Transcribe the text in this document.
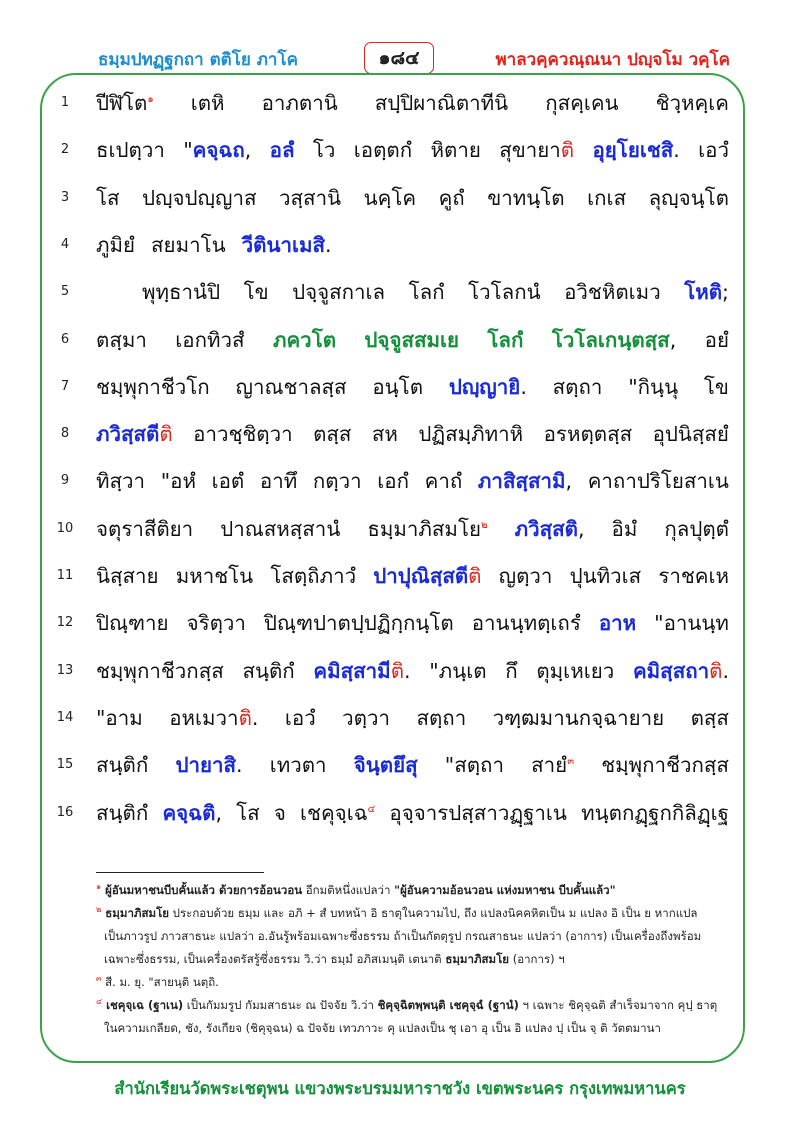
ธมฺมปทฏฺฐกถา ตติโย ภาโค	๑๘๔	พาลวคฺควณฺณนา ปญฺจโม วคฺโค
1	ปีฬิโต$^๑$ เตหิ อาภตานิ สปฺปิผาณิตาทีนิ กุสคฺเคน ชิวฺหคฺเค
2	ธเปตฺวา "คจฺฉถ, อลํ โว เอตฺตกํ หิตาย สุขายาติ อุยฺโยเชสิ. เอวํ
3	โส ปญฺจปญฺญาส วสฺสานิ นคฺโค คูถํ ขาทนฺโต เกเส ลุญฺจนฺโต
4	ภูมิยํ สยมาโน วีตินาเมสิ.
5	พุทฺธานํปิ โข ปจฺจูสกาเล โลกํ โวโลกนํ อวิชหิตเมว โหติ;
6	ตสฺมา เอกทิวสํ ภควโต ปจฺจูสสมเย โลกํ โวโลเกนฺตสฺส, อยํ
7	ชมฺพุกาชีวโก ญาณชาลสฺส อนฺโต ปญฺญายิ. สตฺถา "กินฺนุ โข
8	ภวิสฺสตีติ อาวชฺชิตฺวา ตสฺส สห ปฏิสมฺภิทาหิ อรหตฺตสฺส อุปนิสฺสยํ
9	ทิสฺวา "อหํ เอตํ อาทึ กตฺวา เอกํ คาถํ ภาสิสฺสามิ, คาถาปริโยสาเน
10 จตุราสีติยา ปาณสหสฺสานํ ธมฺมาภิสมโย$^๒$ ภวิสฺสติ, อิมํ กุลปุตฺตํ
11 นิสฺสาย มหาชโน โสตฺถิภาวํ ปาปุณิสฺสตีติ ญตฺวา ปุนทิวเส ราชคเห
12 ปิณฺฑาย จริตฺวา ปิณฺฑปาตปฺปฏิกฺกนฺโต อานนฺทตฺเถรํ อาห "อานนฺท
13 ชมฺพุกาชีวกสฺส สนฺติกํ คมิสฺสามีติ. "ภนฺเต กึ ตุมฺเหเยว คมิสฺสถาติ.
14 "อาม อหเมวาติ. เอวํ วตฺวา สตฺถา วฑฺฒมานกจฺฉายาย ตสฺส
15 สนฺติกํ ปายาสิ. เทวตา จินฺตยึสุ "สตฺถา สายํ$^๓$ ชมฺพุกาชีวกสฺส
16 สนฺติกํ คจฺฉติ, โส จ เชคุจฺเฉ$^๔$ อุจฺจารปสฺสาวฏฺฐาเน ทนฺตกฏฺฐกกิลิฏฺเฐ
$^๑$ ผู้อันมหาชนบีบคั้นแล้ว ด้วยการอ้อนวอน อีกมติหนึ่งแปลว่า "ผู้อันความอ้อนวอน แห่งมหาชน บีบคั้นแล้ว"
$^๒$ ธมฺมาภิสมโย ประกอบด้วย ธมฺม และ อภิ + สํ บทหน้า อิ ธาตุในความไป, ถึง แปลงนิคคหิตเป็น ม แปลง อิ เป็น ย หากแปล
เป็นภาวรูป ภาวสาธนะ แปลว่า อ.อันรู้พร้อมเฉพาะซึ่งธรรม ถ้าเป็นกัตตุรูป กรณสาธนะ แปลว่า (อาการ) เป็นเครื่องถึงพร้อม
เฉพาะซึ่งธรรม, เป็นเครื่องตรัสรู้ซึ่งธรรม วิ.ว่า ธมฺมํ อภิสเมนฺติ เตนาติ ธมฺมาภิสมโย (อาการ) ฯ
$^๓$ สี. ม. ยุ. "สายนฺติ นตฺถิ.
$^๔$ เชคุจฺเฉ (ฐาเน) เป็นกัมมรูป กัมมสาธนะ ณ ปัจจัย วิ.ว่า ชิคุจฺฉิตพฺพนฺติ เชคุจฺฉํ (ฐานํ) ฯ เฉพาะ ชิคุจฺฉติ สำเร็จมาจาก คุปฺ ธาตุ
ในความเกลียด, ชัง, รังเกียจ (ชิคุจฺฉน) ฉ ปัจจัย เทวภาวะ คุ แปลงเป็น ชุ เอา อุ เป็น อิ แปลง ปฺ เป็น จฺ ติ วัตตมานา
สำนักเรียนวัดพระเชตุพน แขวงพระบรมมหาราชวัง เขตพระนคร กรุงเทพมหานคร
